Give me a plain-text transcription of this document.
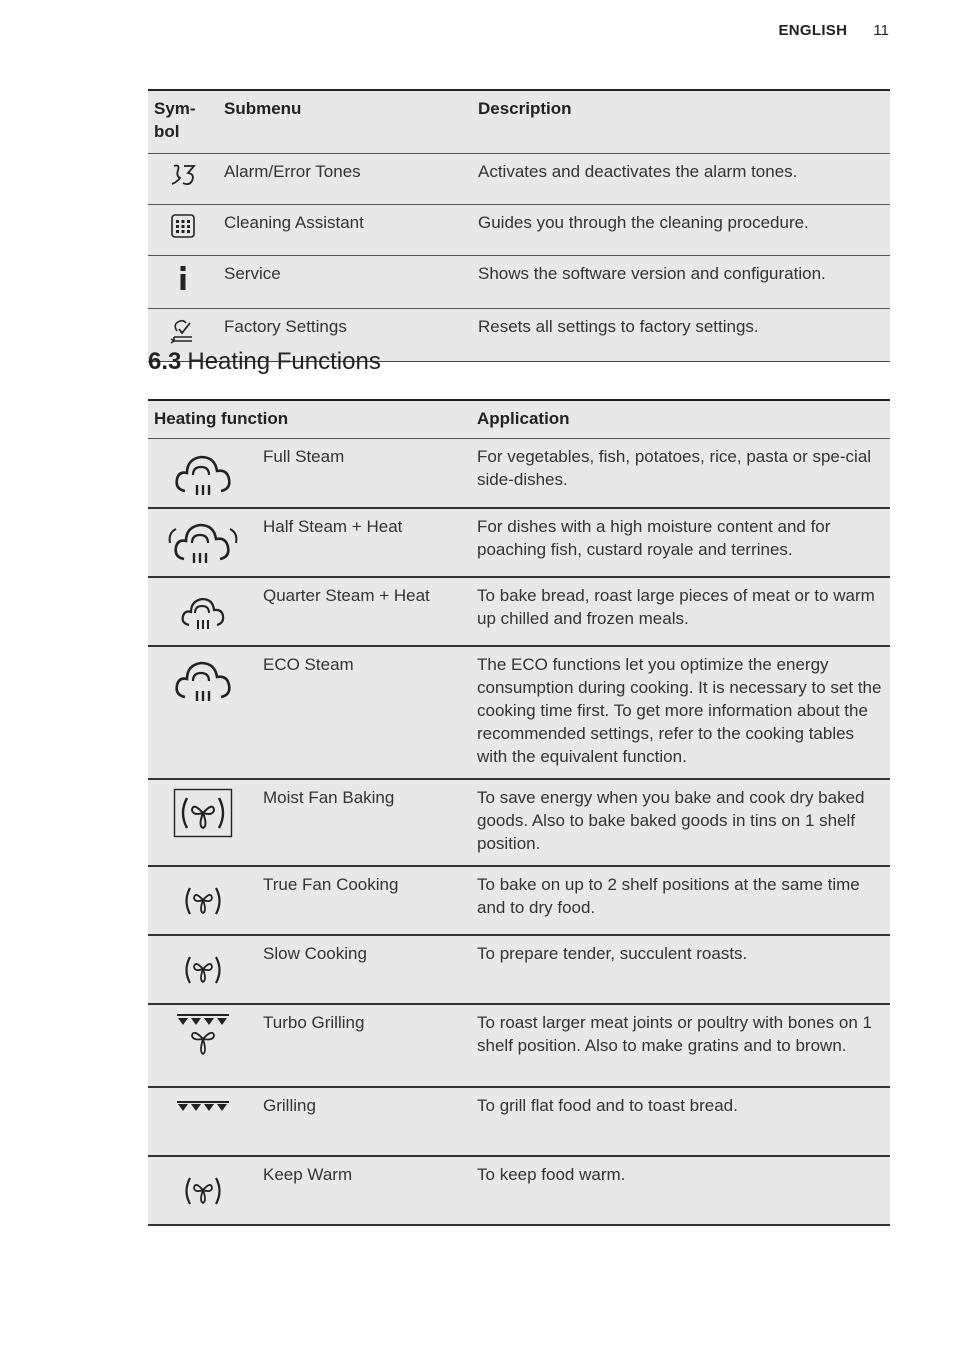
ENGLISH 11
Sym-
bol	Submenu	Description
	Alarm/Error Tones	Activates and deactivates the alarm tones.
	Cleaning Assistant	Guides you through the cleaning procedure.
	Service	Shows the software version and configuration.
	Factory Settings	Resets all settings to factory settings.
6.3 Heating Functions
Heating function		Application

	Full Steam	For vegetables, fish, potatoes, rice, pasta or spe-cial side-dishes.

	Half Steam + Heat	For dishes with a high moisture content and for poaching fish, custard royale and terrines.

	Quarter Steam + Heat	To bake bread, roast large pieces of meat or to warm up chilled and frozen meals.

	ECO Steam	The ECO functions let you optimize the energy consumption during cooking. It is necessary to set the cooking time first. To get more information about the recommended settings, refer to the cooking tables with the equivalent function.

	Moist Fan Baking	To save energy when you bake and cook dry baked goods. Also to bake baked goods in tins on 1 shelf position.

	True Fan Cooking	To bake on up to 2 shelf positions at the same time and to dry food.

	Slow Cooking	To prepare tender, succulent roasts.

	Turbo Grilling	To roast larger meat joints or poultry with bones on 1 shelf position. Also to make gratins and to brown.

	Grilling	To grill flat food and to toast bread.

	Keep Warm	To keep food warm.
